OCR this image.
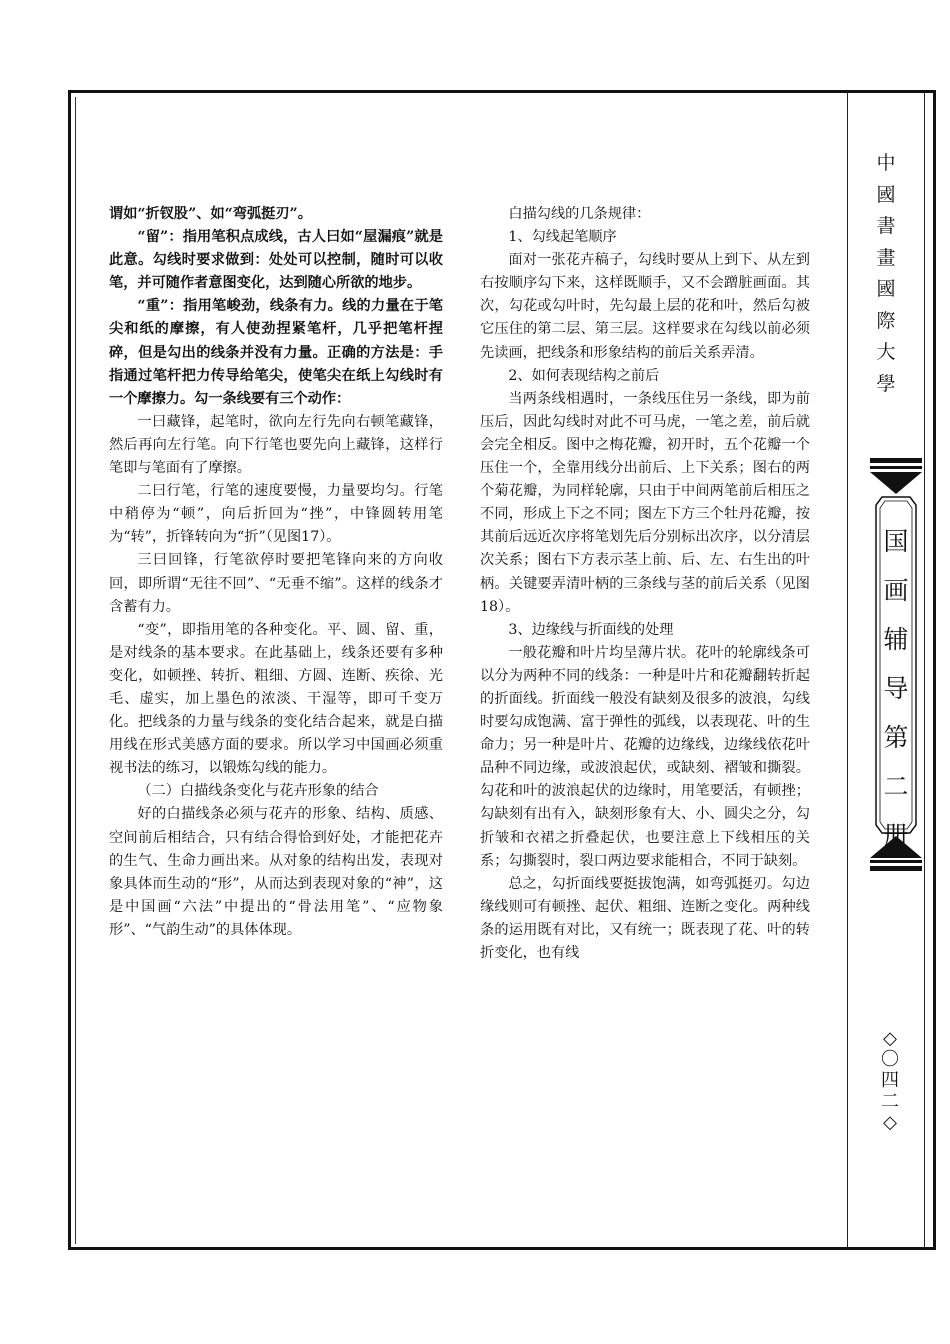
谓如“折钗股”、如“弯弧挺刃”。

“留”：指用笔积点成线，古人曰如“屋漏痕”就是此意。勾线时要求做到：处处可以控制，随时可以收笔，并可随作者意图变化，达到随心所欲的地步。

“重”：指用笔峻劲，线条有力。线的力量在于笔尖和纸的摩擦，有人使劲捏紧笔杆，几乎把笔杆捏碎，但是勾出的线条并没有力量。正确的方法是：手指通过笔杆把力传导给笔尖，使笔尖在纸上勾线时有一个摩擦力。勾一条线要有三个动作：

一曰藏锋，起笔时，欲向左行先向右顿笔藏锋，然后再向左行笔。向下行笔也要先向上藏锋，这样行笔即与笔面有了摩擦。

二曰行笔，行笔的速度要慢，力量要均匀。行笔中稍停为“顿”，向后折回为“挫”，中锋圆转用笔为“转”，折锋转向为“折”（见图17）。

三曰回锋，行笔欲停时要把笔锋向来的方向收回，即所谓“无往不回”、“无垂不缩”。这样的线条才含蓄有力。

“变”，即指用笔的各种变化。平、圆、留、重，是对线条的基本要求。在此基础上，线条还要有多种变化，如顿挫、转折、粗细、方圆、连断、疾徐、光毛、虚实，加上墨色的浓淡、干湿等，即可千变万化。把线条的力量与线条的变化结合起来，就是白描用线在形式美感方面的要求。所以学习中国画必须重视书法的练习，以锻炼勾线的能力。

（二）白描线条变化与花卉形象的结合

好的白描线条必须与花卉的形象、结构、质感、空间前后相结合，只有结合得恰到好处，才能把花卉的生气、生命力画出来。从对象的结构出发，表现对象具体而生动的“形”，从而达到表现对象的“神”，这是中国画“六法”中提出的“骨法用笔”、“应物象形”、“气韵生动”的具体体现。

白描勾线的几条规律：

1、勾线起笔顺序

面对一张花卉稿子，勾线时要从上到下、从左到右按顺序勾下来，这样既顺手，又不会蹭脏画面。其次，勾花或勾叶时，先勾最上层的花和叶，然后勾被它压住的第二层、第三层。这样要求在勾线以前必须先读画，把线条和形象结构的前后关系弄清。

2、如何表现结构之前后

当两条线相遇时，一条线压住另一条线，即为前压后，因此勾线时对此不可马虎，一笔之差，前后就会完全相反。图中之梅花瓣，初开时，五个花瓣一个压住一个，全靠用线分出前后、上下关系；图右的两个菊花瓣，为同样轮廓，只由于中间两笔前后相压之不同，形成上下之不同；图左下方三个牡丹花瓣，按其前后远近次序将笔划先后分别标出次序，以分清层次关系；图右下方表示茎上前、后、左、右生出的叶柄。关键要弄清叶柄的三条线与茎的前后关系（见图18）。

3、边缘线与折面线的处理

一般花瓣和叶片均呈薄片状。花叶的轮廓线条可以分为两种不同的线条：一种是叶片和花瓣翻转折起的折面线。折面线一般没有缺刻及很多的波浪，勾线时要勾成饱满、富于弹性的弧线，以表现花、叶的生命力；另一种是叶片、花瓣的边缘线，边缘线依花叶品种不同边缘，或波浪起伏，或缺刻、褶皱和撕裂。勾花和叶的波浪起伏的边缘时，用笔要活，有顿挫；勾缺刻有出有入，缺刻形象有大、小、圆尖之分，勾折皱和衣裙之折叠起伏，也要注意上下线相压的关系；勾撕裂时，裂口两边要求能相合，不同于缺刻。

总之，勾折面线要挺拔饱满，如弯弧挺刃。勾边缘线则可有顿挫、起伏、粗细、连断之变化。两种线条的运用既有对比，又有统一；既表现了花、叶的转折变化，也有线

中
國
書
畫
國
際
大
學
国
画
辅
导
第
二
册
◇
〇
四
二
◇
